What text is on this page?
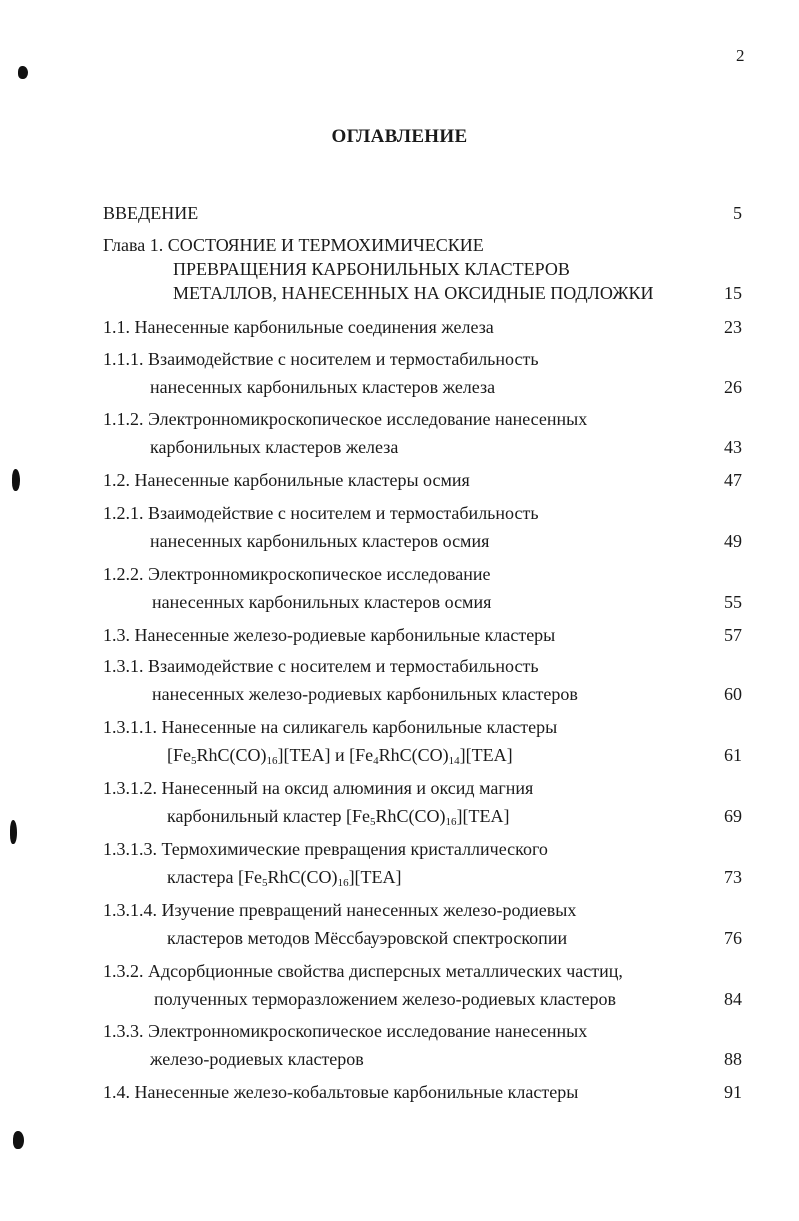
2
ОГЛАВЛЕНИЕ
ВВЕДЕНИЕ	5
Глава 1. СОСТОЯНИЕ И ТЕРМОХИМИЧЕСКИЕ
ПРЕВРАЩЕНИЯ КАРБОНИЛЬНЫХ КЛАСТЕРОВ
МЕТАЛЛОВ, НАНЕСЕННЫХ НА ОКСИДНЫЕ ПОДЛОЖКИ	15
1.1. Нанесенные карбонильные соединения железа	23
1.1.1. Взаимодействие с носителем и термостабильность
нанесенных карбонильных кластеров железа	26
1.1.2. Электронномикроскопическое исследование нанесенных
карбонильных кластеров железа	43
1.2. Нанесенные карбонильные кластеры осмия	47
1.2.1. Взаимодействие с носителем и термостабильность
нанесенных карбонильных кластеров осмия	49
1.2.2. Электронномикроскопическое исследование
нанесенных карбонильных кластеров осмия	55
1.3. Нанесенные железо-родиевые карбонильные кластеры	57
1.3.1. Взаимодействие с носителем и термостабильность
нанесенных железо-родиевых карбонильных кластеров	60
1.3.1.1. Нанесенные на силикагель карбонильные кластеры
$[Fe_5RhC(CO)_{16}][TEA]$ и $[Fe_4RhC(CO)_{14}][TEA]$	61
1.3.1.2. Нанесенный на оксид алюминия и оксид магния
карбонильный кластер $[Fe_5RhC(CO)_{16}][TEA]$	69
1.3.1.3. Термохимические превращения кристаллического
кластера $[Fe_5RhC(CO)_{16}][TEA]$	73
1.3.1.4. Изучение превращений нанесенных железо-родиевых
кластеров методов Мёссбауэровской спектроскопии	76
1.3.2. Адсорбционные свойства дисперсных металлических частиц,
полученных терморазложением железо-родиевых кластеров	84
1.3.3. Электронномикроскопическое исследование нанесенных
железо-родиевых кластеров	88
1.4. Нанесенные железо-кобальтовые карбонильные кластеры	91
